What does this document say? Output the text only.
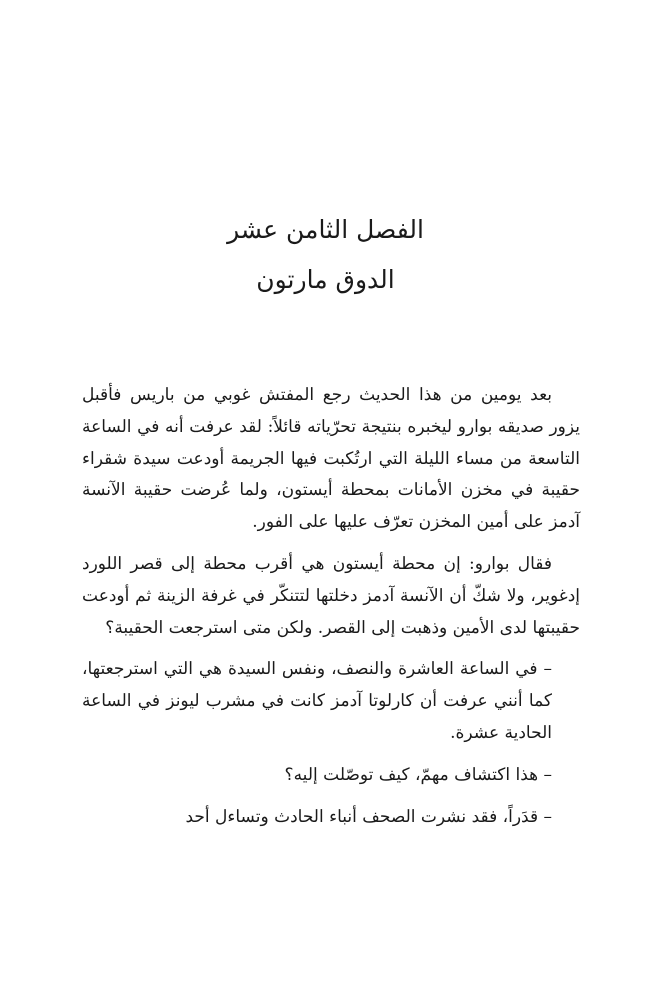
الفصل الثامن عشر
الدوق مارتون

بعد يومين من هذا الحديث رجع المفتش غوبي من باريس فأقبل يزور صديقه بوارو ليخبره بنتيجة تحرّياته قائلاً: لقد عرفت أنه في الساعة التاسعة من مساء الليلة التي ارتُكبت فيها الجريمة أودعت سيدة شقراء حقيبة في مخزن الأمانات بمحطة أيستون، ولما عُرضت حقيبة الآنسة آدمز على أمين المخزن تعرّف عليها على الفور.

فقال بوارو: إن محطة أيستون هي أقرب محطة إلى قصر اللورد إدغوير، ولا شكّ أن الآنسة آدمز دخلتها لتتنكّر في غرفة الزينة ثم أودعت حقيبتها لدى الأمين وذهبت إلى القصر. ولكن متى استرجعت الحقيبة؟

– في الساعة العاشرة والنصف، ونفس السيدة هي التي استرجعتها، كما أنني عرفت أن كارلوتا آدمز كانت في مشرب ليونز في الساعة الحادية عشرة.

– هذا اكتشاف مهمّ، كيف توصّلت إليه؟

– قدَراً، فقد نشرت الصحف أنباء الحادث وتساءل أحد
